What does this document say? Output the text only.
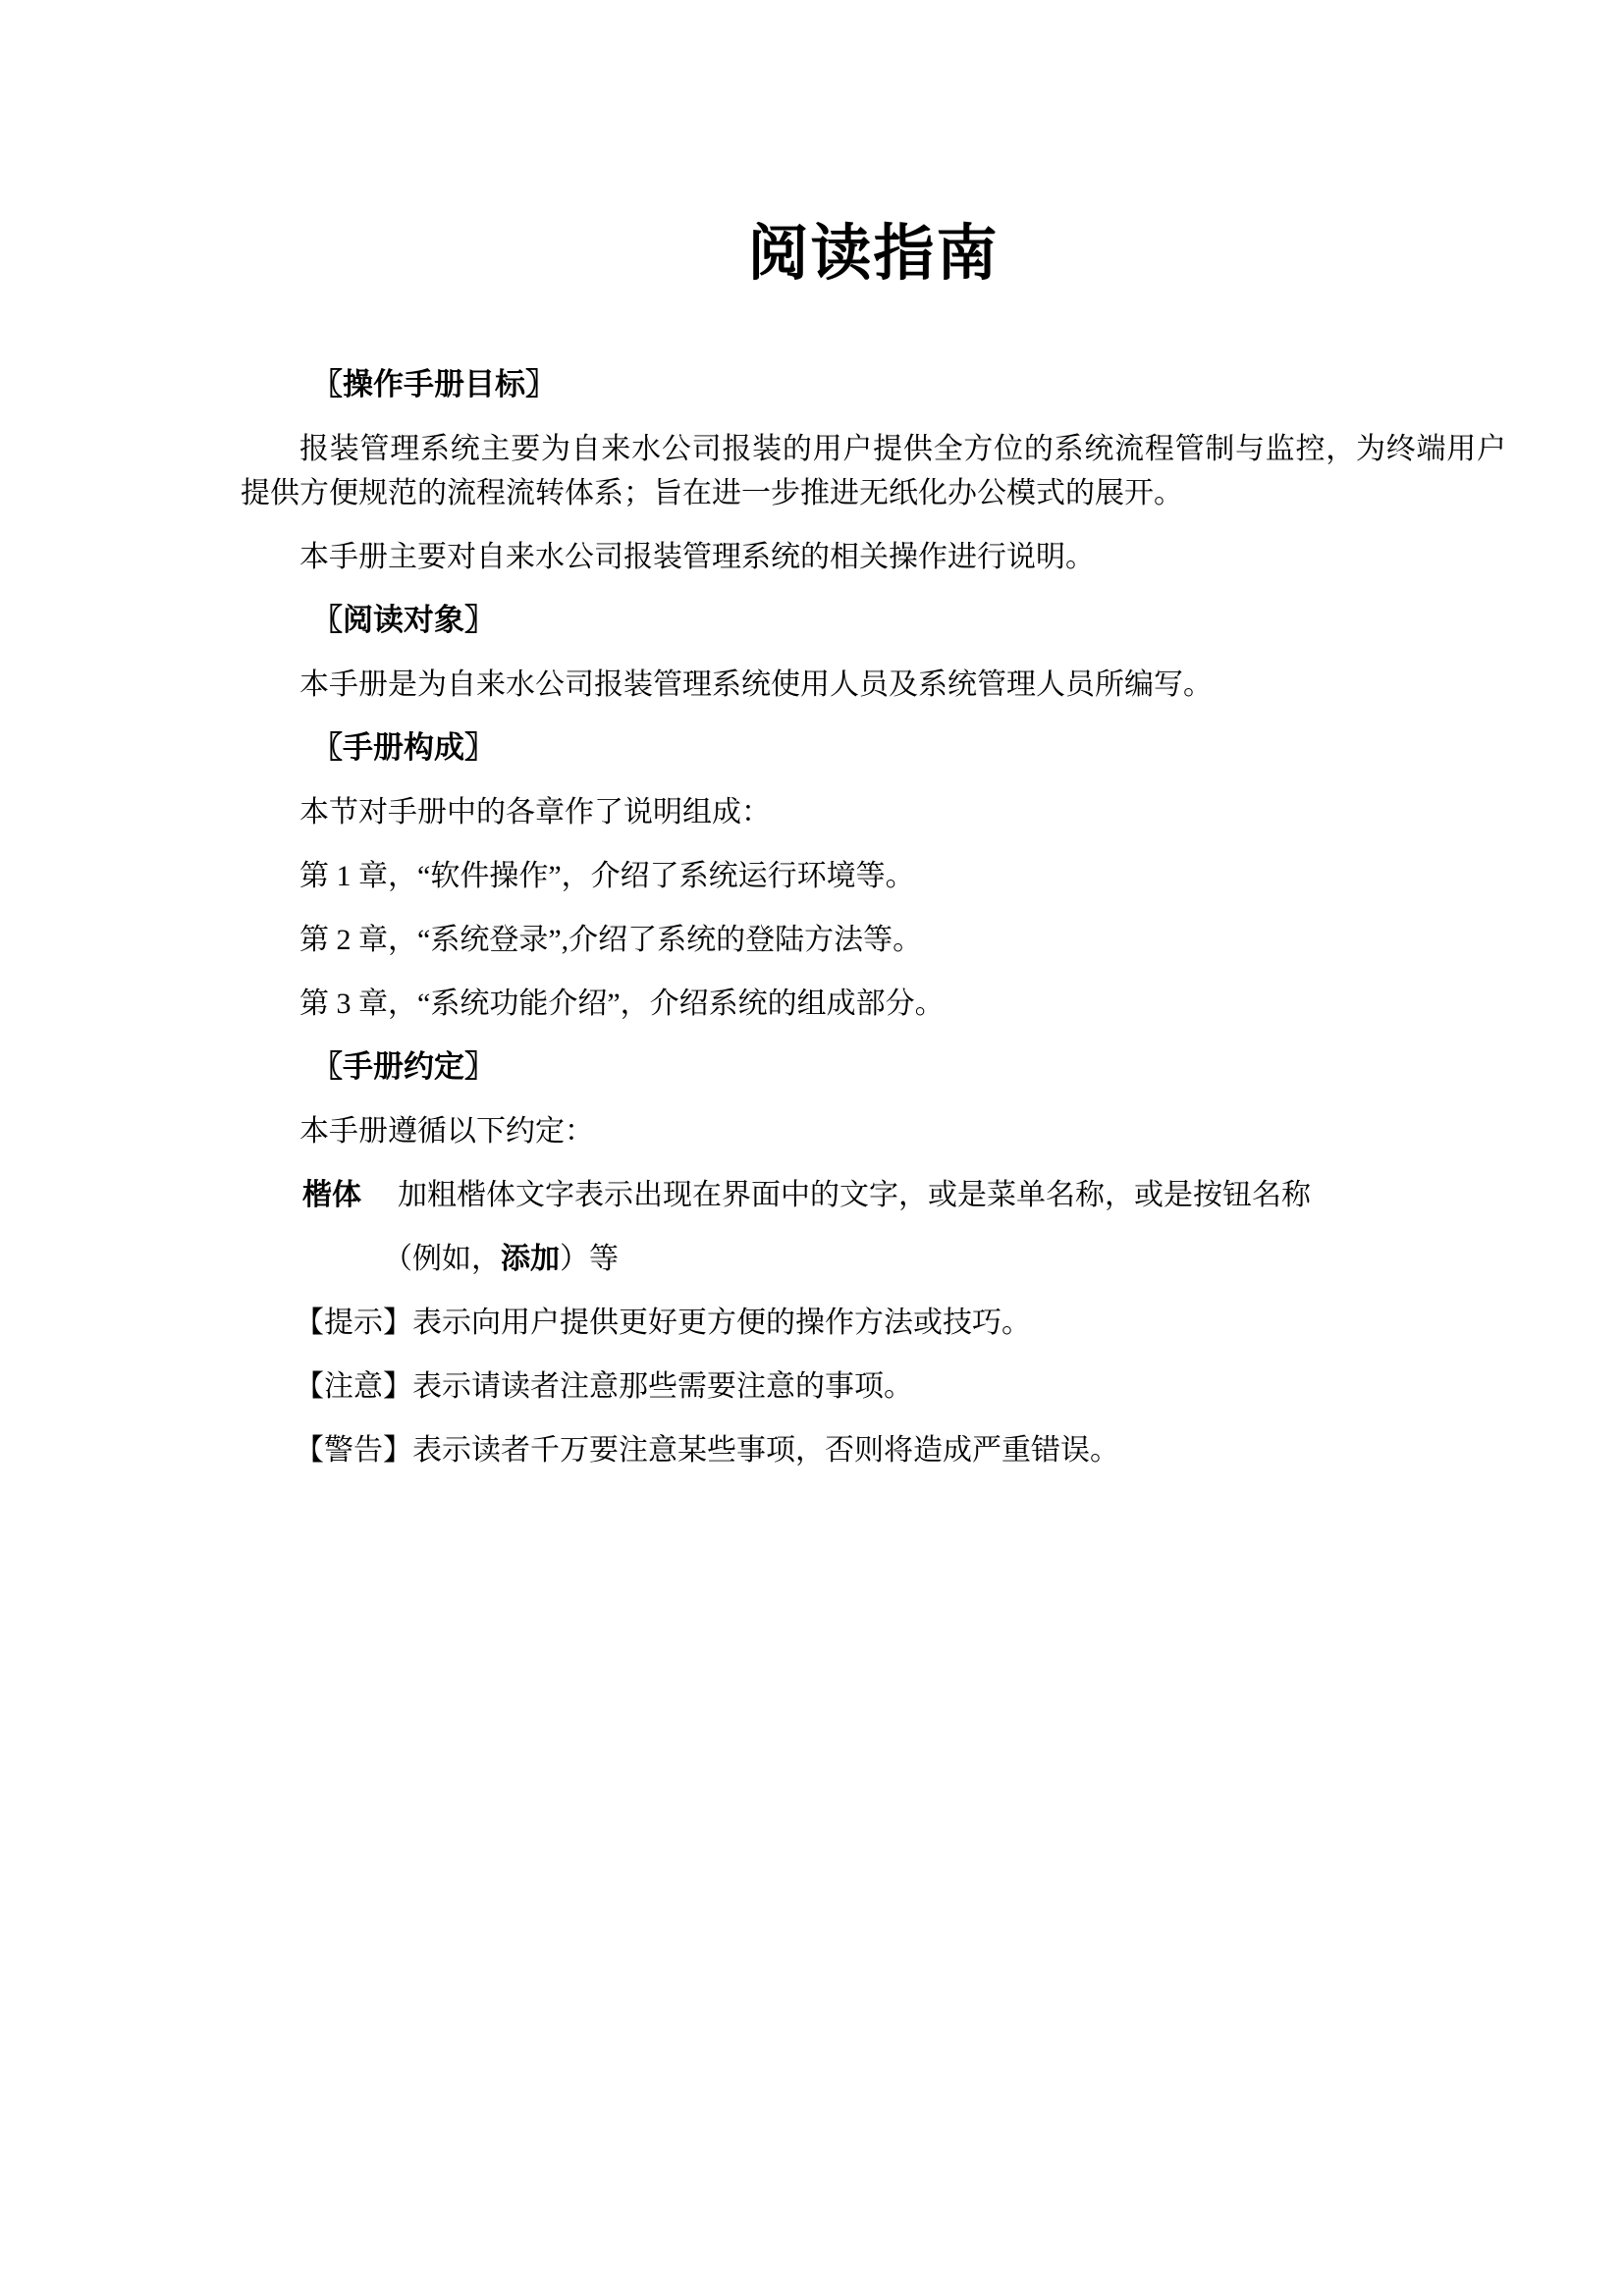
阅读指南
〖操作手册目标〗

报装管理系统主要为自来水公司报装的用户提供全方位的系统流程管制与监控，为终端用户提供方便规范的流程流转体系；旨在进一步推进无纸化办公模式的展开。

本手册主要对自来水公司报装管理系统的相关操作进行说明。

〖阅读对象〗

本手册是为自来水公司报装管理系统使用人员及系统管理人员所编写。

〖手册构成〗

本节对手册中的各章作了说明组成：

第 1 章，“软件操作”，介绍了系统运行环境等。

第 2 章，“系统登录”,介绍了系统的登陆方法等。

第 3 章，“系统功能介绍”，介绍系统的组成部分。

〖手册约定〗

本手册遵循以下约定：

楷体	加粗楷体文字表示出现在界面中的文字，或是菜单名称，或是按钮名称

（例如，添加）等

【提示】表示向用户提供更好更方便的操作方法或技巧。

【注意】表示请读者注意那些需要注意的事项。

【警告】表示读者千万要注意某些事项，否则将造成严重错误。
